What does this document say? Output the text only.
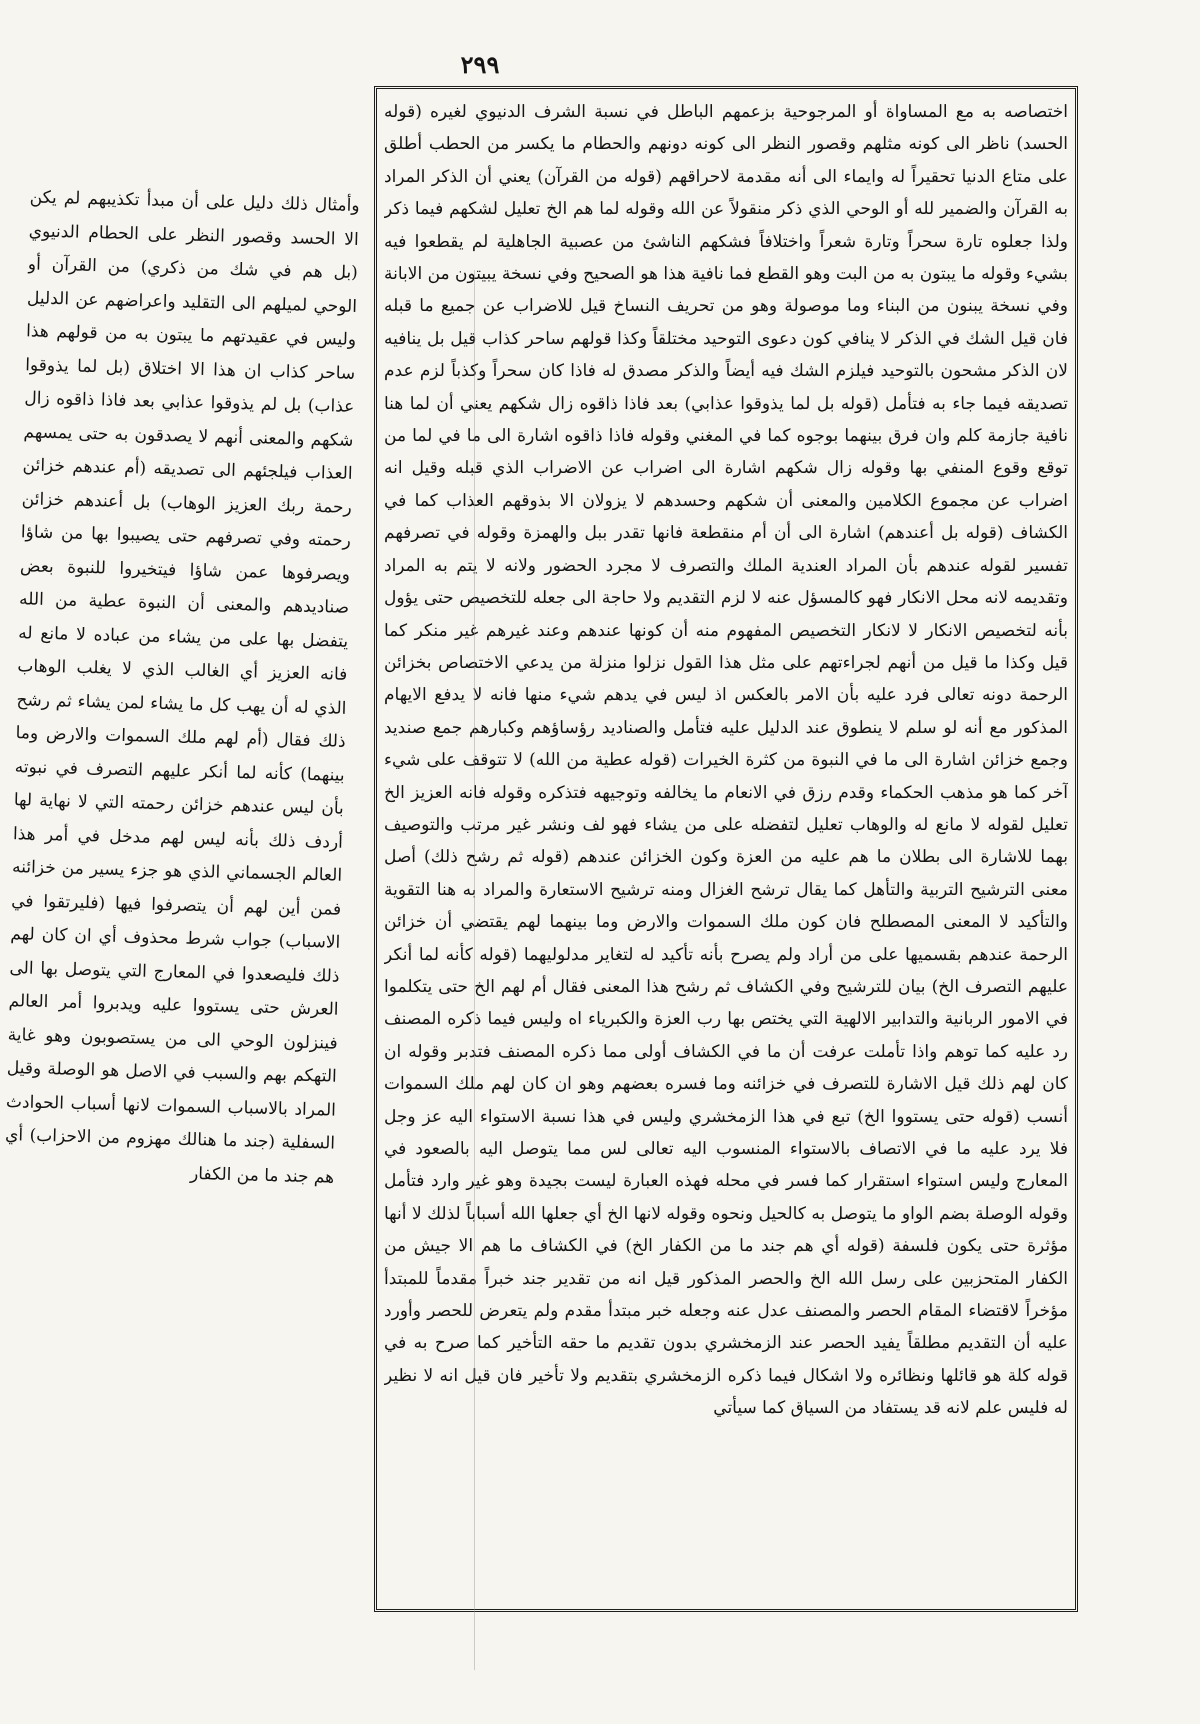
٢٩٩

اختصاصه به مع المساواة أو المرجوحية بزعمهم الباطل في نسبة الشرف الدنيوي لغيره (قوله الحسد) ناظر الى كونه مثلهم وقصور النظر الى كونه دونهم والحطام ما يكسر من الحطب أطلق على متاع الدنيا تحقيراً له وايماء الى أنه مقدمة لاحراقهم (قوله من القرآن) يعني أن الذكر المراد به القرآن والضمير لله أو الوحي الذي ذكر منقولاً عن الله وقوله لما هم الخ تعليل لشكهم فيما ذكر ولذا جعلوه تارة سحراً وتارة شعراً واختلافاً فشكهم الناشئ من عصبية الجاهلية لم يقطعوا فيه بشيء وقوله ما يبتون به من البت وهو القطع فما نافية هذا هو الصحيح وفي نسخة يبيتون من الابانة وفي نسخة يبنون من البناء وما موصولة وهو من تحريف النساخ قيل للاضراب عن جميع ما قبله فان قيل الشك في الذكر لا ينافي كون دعوى التوحيد مختلقاً وكذا قولهم ساحر كذاب قيل بل ينافيه لان الذكر مشحون بالتوحيد فيلزم الشك فيه أيضاً والذكر مصدق له فاذا كان سحراً وكذباً لزم عدم تصديقه فيما جاء به فتأمل (قوله بل لما يذوقوا عذابي) بعد فاذا ذاقوه زال شكهم يعني أن لما هنا نافية جازمة كلم وان فرق بينهما بوجوه كما في المغني وقوله فاذا ذاقوه اشارة الى ما في لما من توقع وقوع المنفي بها وقوله زال شكهم اشارة الى اضراب عن الاضراب الذي قبله وقيل انه اضراب عن مجموع الكلامين والمعنى أن شكهم وحسدهم لا يزولان الا بذوقهم العذاب كما في الكشاف (قوله بل أعندهم) اشارة الى أن أم منقطعة فانها تقدر ببل والهمزة وقوله في تصرفهم تفسير لقوله عندهم بأن المراد العندية الملك والتصرف لا مجرد الحضور ولانه لا يتم به المراد وتقديمه لانه محل الانكار فهو كالمسؤل عنه لا لزم التقديم ولا حاجة الى جعله للتخصيص حتى يؤول بأنه لتخصيص الانكار لا لانكار التخصيص المفهوم منه أن كونها عندهم وعند غيرهم غير منكر كما قيل وكذا ما قيل من أنهم لجراءتهم على مثل هذا القول نزلوا منزلة من يدعي الاختصاص بخزائن الرحمة دونه تعالى فرد عليه بأن الامر بالعكس اذ ليس في يدهم شيء منها فانه لا يدفع الايهام المذكور مع أنه لو سلم لا ينطوق عند الدليل عليه فتأمل والصناديد رؤساؤهم وكبارهم جمع صنديد وجمع خزائن اشارة الى ما في النبوة من كثرة الخيرات (قوله عطية من الله) لا تتوقف على شيء آخر كما هو مذهب الحكماء وقدم رزق في الانعام ما يخالفه وتوجيهه فتذكره وقوله فانه العزيز الخ تعليل لقوله لا مانع له والوهاب تعليل لتفضله على من يشاء فهو لف ونشر غير مرتب والتوصيف بهما للاشارة الى بطلان ما هم عليه من العزة وكون الخزائن عندهم (قوله ثم رشح ذلك) أصل معنى الترشيح التربية والتأهل كما يقال ترشح الغزال ومنه ترشيح الاستعارة والمراد به هنا التقوية والتأكيد لا المعنى المصطلح فان كون ملك السموات والارض وما بينهما لهم يقتضي أن خزائن الرحمة عندهم بقسميها على من أراد ولم يصرح بأنه تأكيد له لتغاير مدلوليهما (قوله كأنه لما أنكر عليهم التصرف الخ) بيان للترشيح وفي الكشاف ثم رشح هذا المعنى فقال أم لهم الخ حتى يتكلموا في الامور الربانية والتدابير الالهية التي يختص بها رب العزة والكبرياء اه وليس فيما ذكره المصنف رد عليه كما توهم واذا تأملت عرفت أن ما في الكشاف أولى مما ذكره المصنف فتدبر وقوله ان كان لهم ذلك قيل الاشارة للتصرف في خزائنه وما فسره بعضهم وهو ان كان لهم ملك السموات أنسب (قوله حتى يستووا الخ) تبع في هذا الزمخشري وليس في هذا نسبة الاستواء اليه عز وجل فلا يرد عليه ما في الاتصاف بالاستواء المنسوب اليه تعالى لس مما يتوصل اليه بالصعود في المعارج وليس استواء استقرار كما فسر في محله فهذه العبارة ليست بجيدة وهو غير وارد فتأمل وقوله الوصلة بضم الواو ما يتوصل به كالحيل ونحوه وقوله لانها الخ أي جعلها الله أسباباً لذلك لا أنها مؤثرة حتى يكون فلسفة (قوله أي هم جند ما من الكفار الخ) في الكشاف ما هم الا جيش من الكفار المتحزبين على رسل الله الخ والحصر المذكور قيل انه من تقدير جند خبراً مقدماً للمبتدأ مؤخراً لاقتضاء المقام الحصر والمصنف عدل عنه وجعله خبر مبتدأ مقدم ولم يتعرض للحصر وأورد عليه أن التقديم مطلقاً يفيد الحصر عند الزمخشري بدون تقديم ما حقه التأخير كما صرح به في قوله كلة هو قائلها ونظائره ولا اشكال فيما ذكره الزمخشري بتقديم ولا تأخير فان قيل انه لا نظير له فليس علم لانه قد يستفاد من السياق كما سيأتي

وأمثال ذلك دليل على أن مبدأ تكذيبهم لم يكن الا الحسد وقصور النظر على الحطام الدنيوي (بل هم في شك من ذكري) من القرآن أو الوحي لميلهم الى التقليد واعراضهم عن الدليل وليس في عقيدتهم ما يبتون به من قولهم هذا ساحر كذاب ان هذا الا اختلاق (بل لما يذوقوا عذاب) بل لم يذوقوا عذابي بعد فاذا ذاقوه زال شكهم والمعنى أنهم لا يصدقون به حتى يمسهم العذاب فيلجئهم الى تصديقه (أم عندهم خزائن رحمة ربك العزيز الوهاب) بل أعندهم خزائن رحمته وفي تصرفهم حتى يصيبوا بها من شاؤا ويصرفوها عمن شاؤا فيتخيروا للنبوة بعض صناديدهم والمعنى أن النبوة عطية من الله يتفضل بها على من يشاء من عباده لا مانع له فانه العزيز أي الغالب الذي لا يغلب الوهاب الذي له أن يهب كل ما يشاء لمن يشاء ثم رشح ذلك فقال (أم لهم ملك السموات والارض وما بينهما) كأنه لما أنكر عليهم التصرف في نبوته بأن ليس عندهم خزائن رحمته التي لا نهاية لها أردف ذلك بأنه ليس لهم مدخل في أمر هذا العالم الجسماني الذي هو جزء يسير من خزائنه فمن أين لهم أن يتصرفوا فيها (فليرتقوا في الاسباب) جواب شرط محذوف أي ان كان لهم ذلك فليصعدوا في المعارج التي يتوصل بها الى العرش حتى يستووا عليه ويدبروا أمر العالم فينزلون الوحي الى من يستصوبون وهو غاية التهكم بهم والسبب في الاصل هو الوصلة وقيل المراد بالاسباب السموات لانها أسباب الحوادث السفلية (جند ما هنالك مهزوم من الاحزاب) أي هم جند ما من الكفار
